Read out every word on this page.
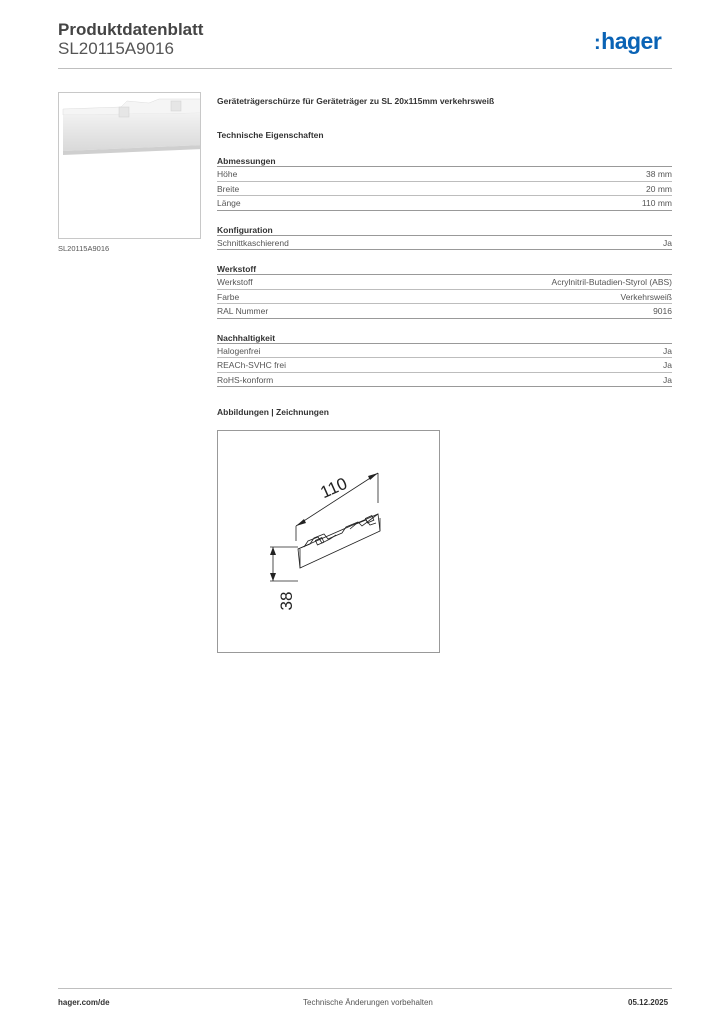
Produktdatenblatt
SL20115A9016	:hager
SL20115A9016
Geräteträgerschürze für Geräteträger zu SL 20x115mm verkehrsweiß
Technische Eigenschaften
Abmessungen
Höhe	38 mm
Breite	20 mm
Länge	110 mm
Konfiguration
Schnittkaschierend	Ja
Werkstoff
Werkstoff	Acrylnitril-Butadien-Styrol (ABS)
Farbe	Verkehrsweiß
RAL Nummer	9016
Nachhaltigkeit
Halogenfrei	Ja
REACh-SVHC frei	Ja
RoHS-konform	Ja
Abbildungen | Zeichnungen
110
38
hager.com/de	Technische Änderungen vorbehalten	05.12.2025
